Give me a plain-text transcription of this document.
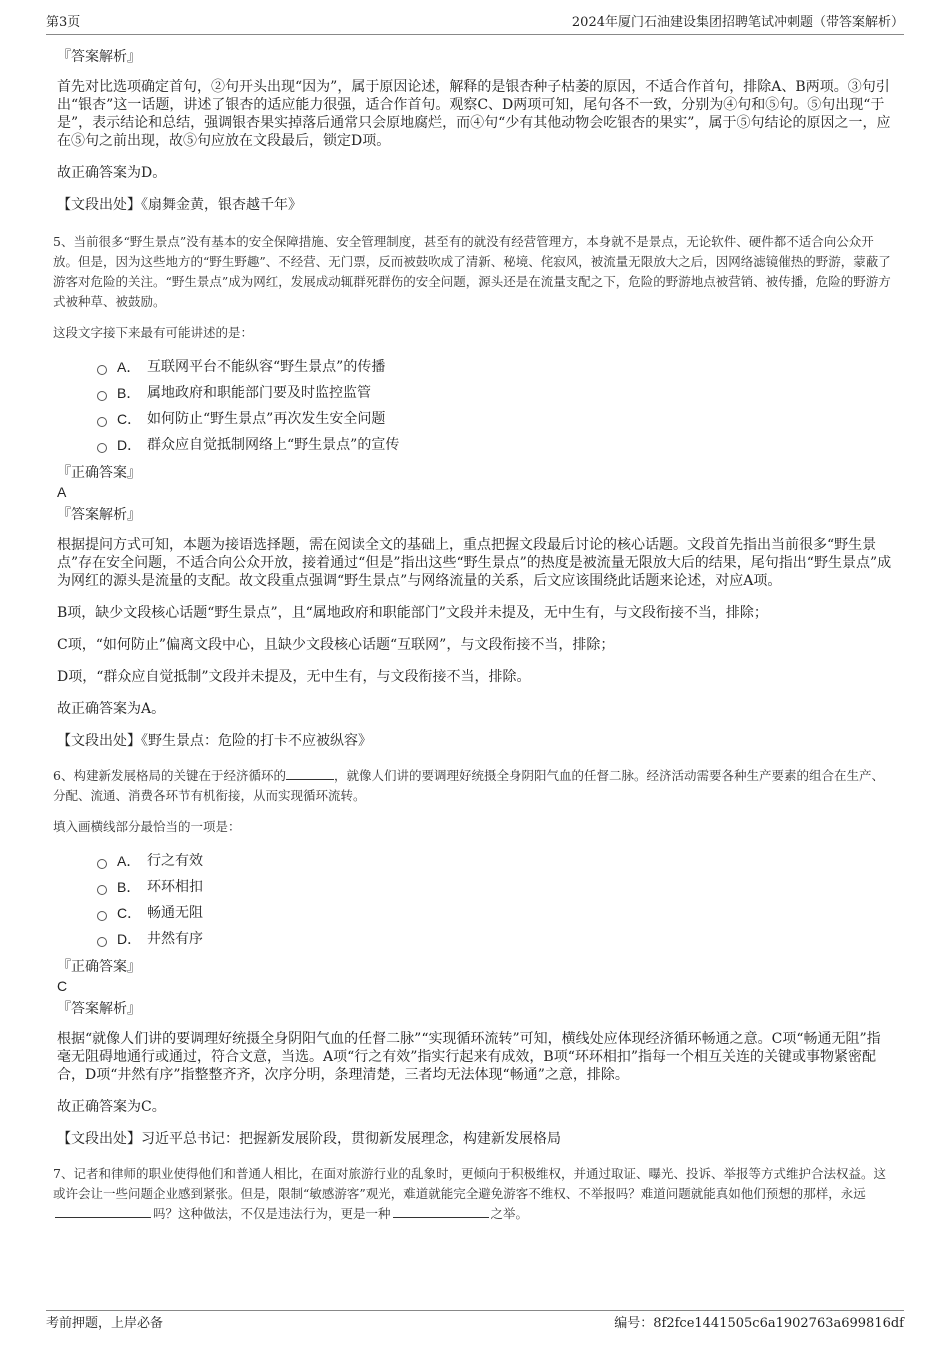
第3页	2024年厦门石油建设集团招聘笔试冲刺题（带答案解析）
『答案解析』

首先对比选项确定首句，②句开头出现“因为”，属于原因论述，解释的是银杏种子枯萎的原因，不适合作首句，排除A、B两项。③句引出“银杏”这一话题，讲述了银杏的适应能力很强，适合作首句。观察C、D两项可知，尾句各不一致，分别为④句和⑤句。⑤句出现“于是”，表示结论和总结，强调银杏果实掉落后通常只会原地腐烂，而④句“少有其他动物会吃银杏的果实”，属于⑤句结论的原因之一，应在⑤句之前出现，故⑤句应放在文段最后，锁定D项。

故正确答案为D。

【文段出处】《扇舞金黄，银杏越千年》

5、当前很多“野生景点”没有基本的安全保障措施、安全管理制度，甚至有的就没有经营管理方，本身就不是景点，无论软件、硬件都不适合向公众开放。但是，因为这些地方的“野生野趣”、不经营、无门票，反而被鼓吹成了清新、秘境、侘寂风，被流量无限放大之后，因网络滤镜催热的野游，蒙蔽了游客对危险的关注。“野生景点”成为网红，发展成动辄群死群伤的安全问题，源头还是在流量支配之下，危险的野游地点被营销、被传播，危险的野游方式被种草、被鼓励。

这段文字接下来最有可能讲述的是：

A． 互联网平台不能纵容“野生景点”的传播
B． 属地政府和职能部门要及时监控监管
C． 如何防止“野生景点”再次发生安全问题
D． 群众应自觉抵制网络上“野生景点”的宣传
『正确答案』
A
『答案解析』

根据提问方式可知，本题为接语选择题，需在阅读全文的基础上，重点把握文段最后讨论的核心话题。文段首先指出当前很多“野生景点”存在安全问题，不适合向公众开放，接着通过“但是”指出这些“野生景点”的热度是被流量无限放大后的结果，尾句指出“野生景点”成为网红的源头是流量的支配。故文段重点强调“野生景点”与网络流量的关系，后文应该围绕此话题来论述，对应A项。

B项，缺少文段核心话题“野生景点”，且“属地政府和职能部门”文段并未提及，无中生有，与文段衔接不当，排除；

C项，“如何防止”偏离文段中心，且缺少文段核心话题“互联网”，与文段衔接不当，排除；

D项，“群众应自觉抵制”文段并未提及，无中生有，与文段衔接不当，排除。

故正确答案为A。

【文段出处】《野生景点：危险的打卡不应被纵容》

6、构建新发展格局的关键在于经济循环的	，就像人们讲的要调理好统摄全身阴阳气血的任督二脉。经济活动需要各种生产要素的组合在生产、分配、流通、消费各环节有机衔接，从而实现循环流转。

填入画横线部分最恰当的一项是：

A． 行之有效
B． 环环相扣
C． 畅通无阻
D． 井然有序
『正确答案』
C
『答案解析』

根据“就像人们讲的要调理好统摄全身阴阳气血的任督二脉”“实现循环流转”可知，横线处应体现经济循环畅通之意。C项“畅通无阻”指毫无阻碍地通行或通过，符合文意，当选。A项“行之有效”指实行起来有成效，B项“环环相扣”指每一个相互关连的关键或事物紧密配合，D项“井然有序”指整整齐齐，次序分明，条理清楚，三者均无法体现“畅通”之意，排除。

故正确答案为C。

【文段出处】习近平总书记：把握新发展阶段，贯彻新发展理念，构建新发展格局

7、记者和律师的职业使得他们和普通人相比，在面对旅游行业的乱象时，更倾向于积极维权，并通过取证、曝光、投诉、举报等方式维护合法权益。这或许会让一些问题企业感到紧张。但是，限制“敏感游客”观光，难道就能完全避免游客不维权、不举报吗？难道问题就能真如他们预想的那样，永远吗？这种做法，不仅是违法行为，更是一种	之举。

考前押题，上岸必备	编号：8f2fce1441505c6a1902763a699816df
